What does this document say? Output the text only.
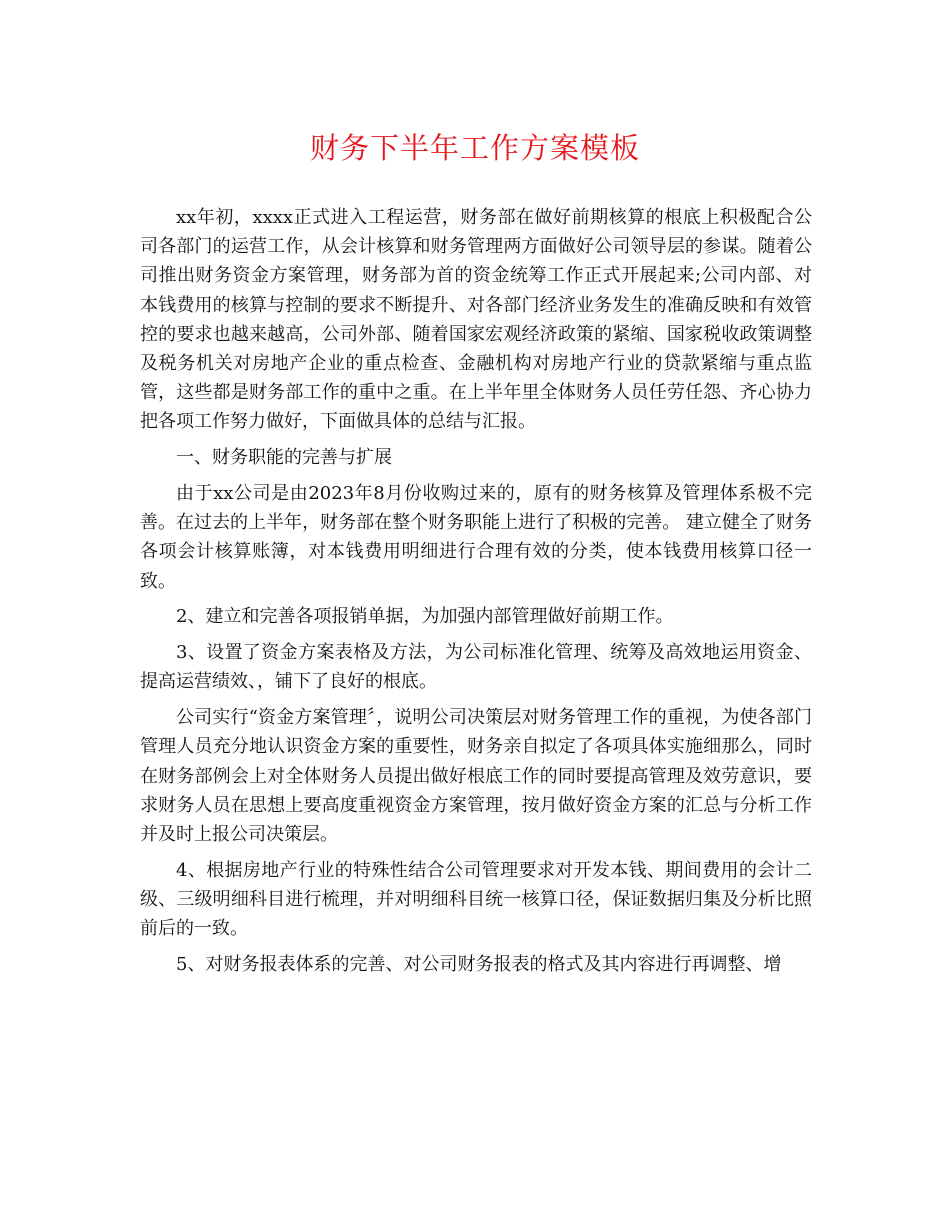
财务下半年工作方案模板

xx年初，xxxx正式进入工程运营，财务部在做好前期核算的根底上积极配合公司各部门的运营工作，从会计核算和财务管理两方面做好公司领导层的参谋。随着公司推出财务资金方案管理，财务部为首的资金统筹工作正式开展起来;公司内部、对本钱费用的核算与控制的要求不断提升、对各部门经济业务发生的准确反映和有效管控的要求也越来越高，公司外部、随着国家宏观经济政策的紧缩、国家税收政策调整及税务机关对房地产企业的重点检查、金融机构对房地产行业的贷款紧缩与重点监管，这些都是财务部工作的重中之重。在上半年里全体财务人员任劳任怨、齐心协力把各项工作努力做好，下面做具体的总结与汇报。

一、财务职能的完善与扩展

由于xx公司是由2023年8月份收购过来的，原有的财务核算及管理体系极不完善。在过去的上半年，财务部在整个财务职能上进行了积极的完善。 建立健全了财务各项会计核算账簿，对本钱费用明细进行合理有效的分类，使本钱费用核算口径一致。

2、建立和完善各项报销单据，为加强内部管理做好前期工作。

3、设置了资金方案表格及方法，为公司标准化管理、统筹及高效地运用资金、提高运营绩效、，铺下了良好的根底。

公司实行“资金方案管理〞，说明公司决策层对财务管理工作的重视，为使各部门管理人员充分地认识资金方案的重要性，财务亲自拟定了各项具体实施细那么，同时在财务部例会上对全体财务人员提出做好根底工作的同时要提高管理及效劳意识，要求财务人员在思想上要高度重视资金方案管理，按月做好资金方案的汇总与分析工作并及时上报公司决策层。

4、根据房地产行业的特殊性结合公司管理要求对开发本钱、期间费用的会计二级、三级明细科目进行梳理，并对明细科目统一核算口径，保证数据归集及分析比照前后的一致。

5、对财务报表体系的完善、对公司财务报表的格式及其内容进行再调整、增
